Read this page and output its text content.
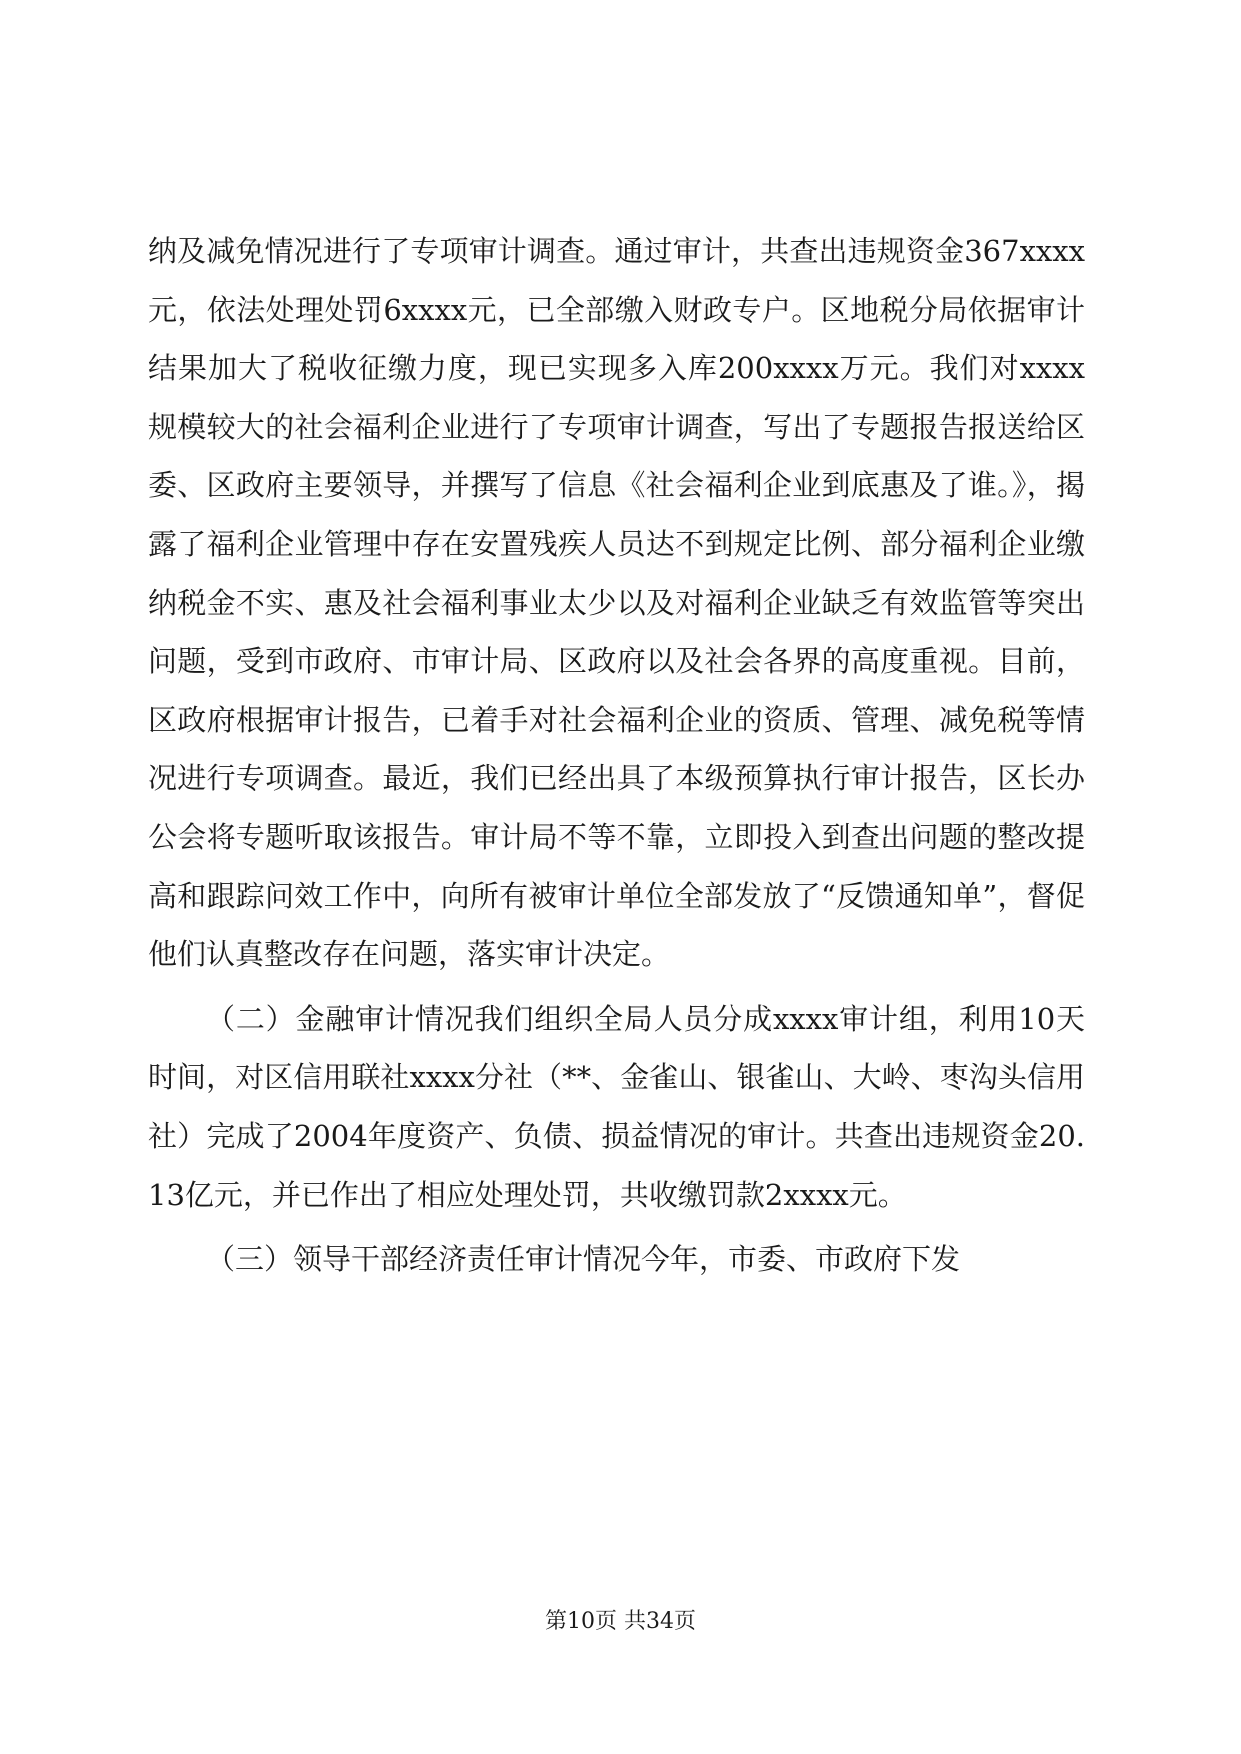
纳及减免情况进行了专项审计调查。通过审计，共查出违规资金367xxxx元，依法处理处罚6xxxx元，已全部缴入财政专户。区地税分局依据审计结果加大了税收征缴力度，现已实现多入库200xxxx万元。我们对xxxx规模较大的社会福利企业进行了专项审计调查，写出了专题报告报送给区委、区政府主要领导，并撰写了信息《社会福利企业到底惠及了谁。》，揭露了福利企业管理中存在安置残疾人员达不到规定比例、部分福利企业缴纳税金不实、惠及社会福利事业太少以及对福利企业缺乏有效监管等突出问题，受到市政府、市审计局、区政府以及社会各界的高度重视。目前，区政府根据审计报告，已着手对社会福利企业的资质、管理、减免税等情况进行专项调查。最近，我们已经出具了本级预算执行审计报告，区长办公会将专题听取该报告。审计局不等不靠，立即投入到查出问题的整改提高和跟踪问效工作中，向所有被审计单位全部发放了“反馈通知单”，督促他们认真整改存在问题，落实审计决定。

（二）金融审计情况我们组织全局人员分成xxxx审计组，利用10天时间，对区信用联社xxxx分社（**、金雀山、银雀山、大岭、枣沟头信用社）完成了2004年度资产、负债、损益情况的审计。共查出违规资金20.13亿元，并已作出了相应处理处罚，共收缴罚款2xxxx元。

（三）领导干部经济责任审计情况今年，市委、市政府下发

第10页 共34页
